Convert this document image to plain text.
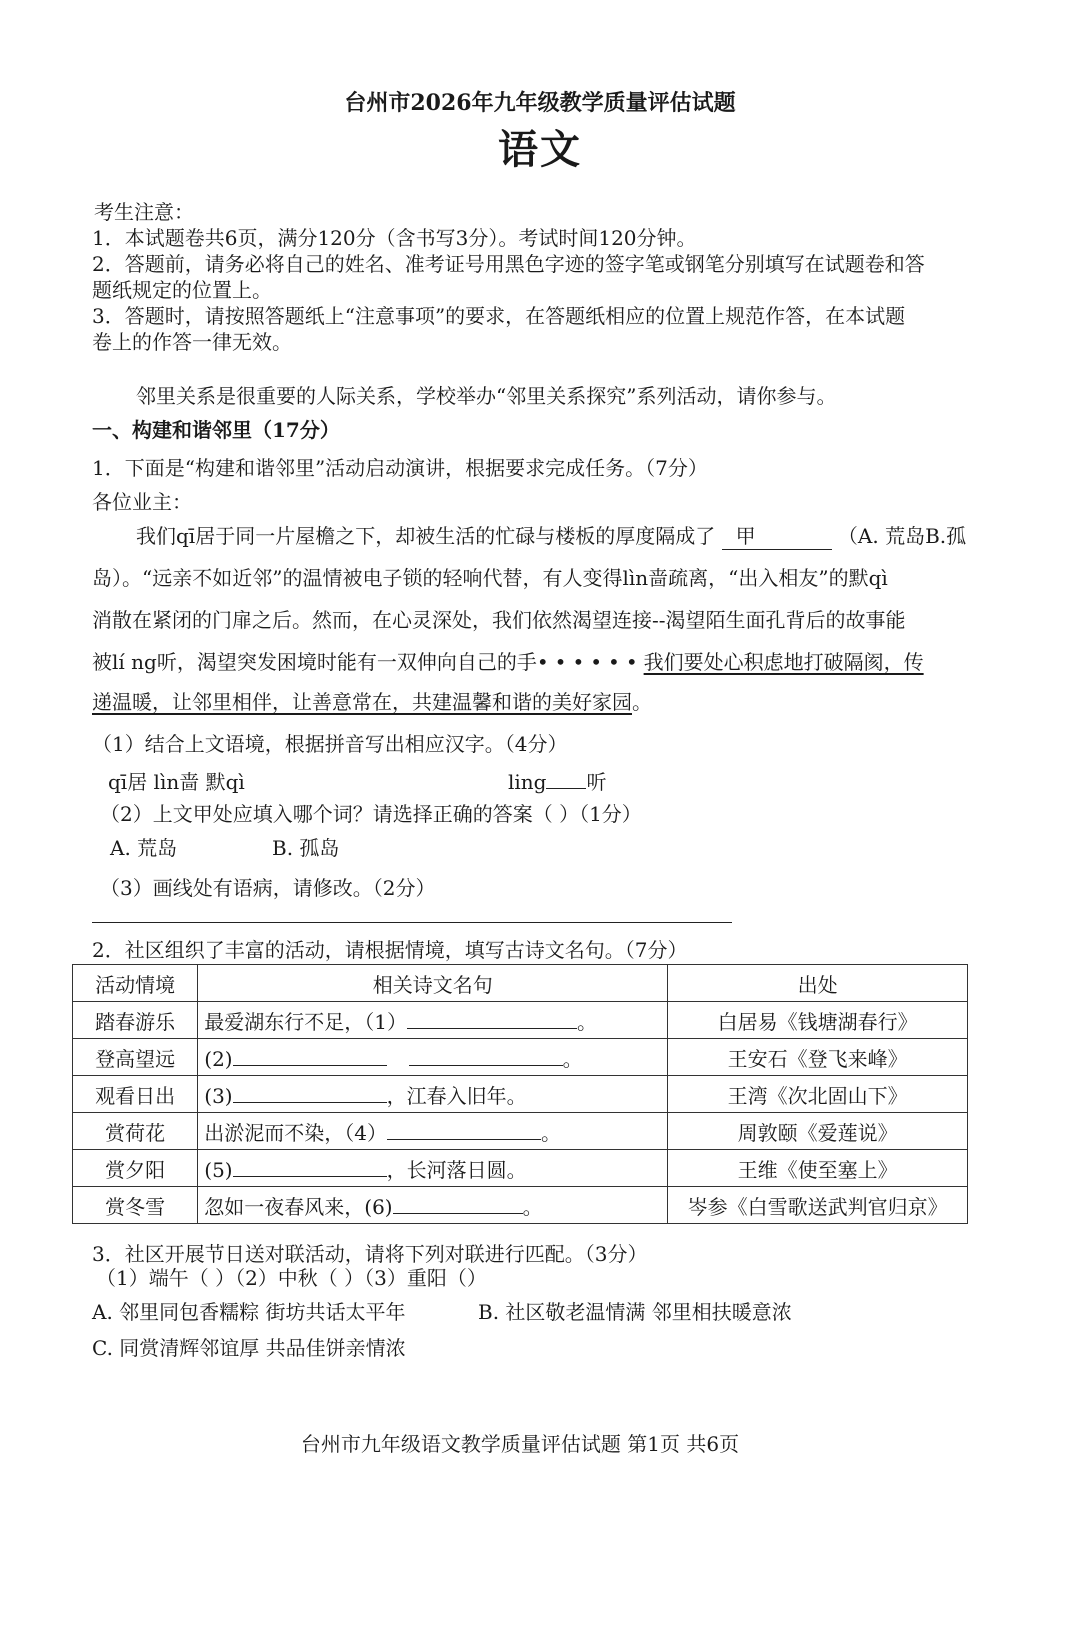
台州市2026年九年级教学质量评估试题
语文
考生注意：
1．本试题卷共6页，满分120分（含书写3分）。考试时间120分钟。
2．答题前，请务必将自己的姓名、准考证号用黑色字迹的签字笔或钢笔分别填写在试题卷和答
题纸规定的位置上。
3．答题时，请按照答题纸上“注意事项”的要求，在答题纸相应的位置上规范作答，在本试题
卷上的作答一律无效。
邻里关系是很重要的人际关系，学校举办“邻里关系探究”系列活动，请你参与。
一、构建和谐邻里（17分）
1．下面是“构建和谐邻里”活动启动演讲，根据要求完成任务。（7分）
各位业主：
我们qī居于同一片屋檐之下，却被生活的忙碌与楼板的厚度隔成了 甲	（A. 荒岛B.孤
岛）。“远亲不如近邻”的温情被电子锁的轻响代替，有人变得lìn啬疏离，“出入相友”的默qì
消散在紧闭的门扉之后。然而，在心灵深处，我们依然渴望连接--渴望陌生面孔背后的故事能
被lí ng听，渴望突发困境时能有一双伸向自己的手••••••我们要处心积虑地打破隔阂，传
递温暖，让邻里相伴，让善意常在，共建温馨和谐的美好家园。
（1）结合上文语境，根据拼音写出相应汉字。（4分）
qī居 lìn啬 默qì	ling 听
（2）上文甲处应填入哪个词？请选择正确的答案（ ）（1分）
A. 荒岛	B. 孤岛
（3）画线处有语病，请修改。（2分）
2．社区组织了丰富的活动，请根据情境，填写古诗文名句。（7分）
活动情境	相关诗文名句	出处
踏春游乐	最爱湖东行不足，（1） 。	白居易《钱塘湖春行》
登高望远	(2) 。	王安石《登飞来峰》
观看日出	(3) ，江春入旧年。	王湾《次北固山下》
赏荷花	出淤泥而不染，（4） 。	周敦颐《爱莲说》
赏夕阳	(5) ，长河落日圆。	王维《使至塞上》
赏冬雪	忽如一夜春风来，(6) 。	岑参《白雪歌送武判官归京》
3．社区开展节日送对联活动，请将下列对联进行匹配。（3分）
（1）端午（ ）（2）中秋（ ）（3）重阳（）
A. 邻里同包香糯粽 街坊共话太平年	B. 社区敬老温情满 邻里相扶暖意浓
C. 同赏清辉邻谊厚 共品佳饼亲情浓
台州市九年级语文教学质量评估试题 第1页 共6页
